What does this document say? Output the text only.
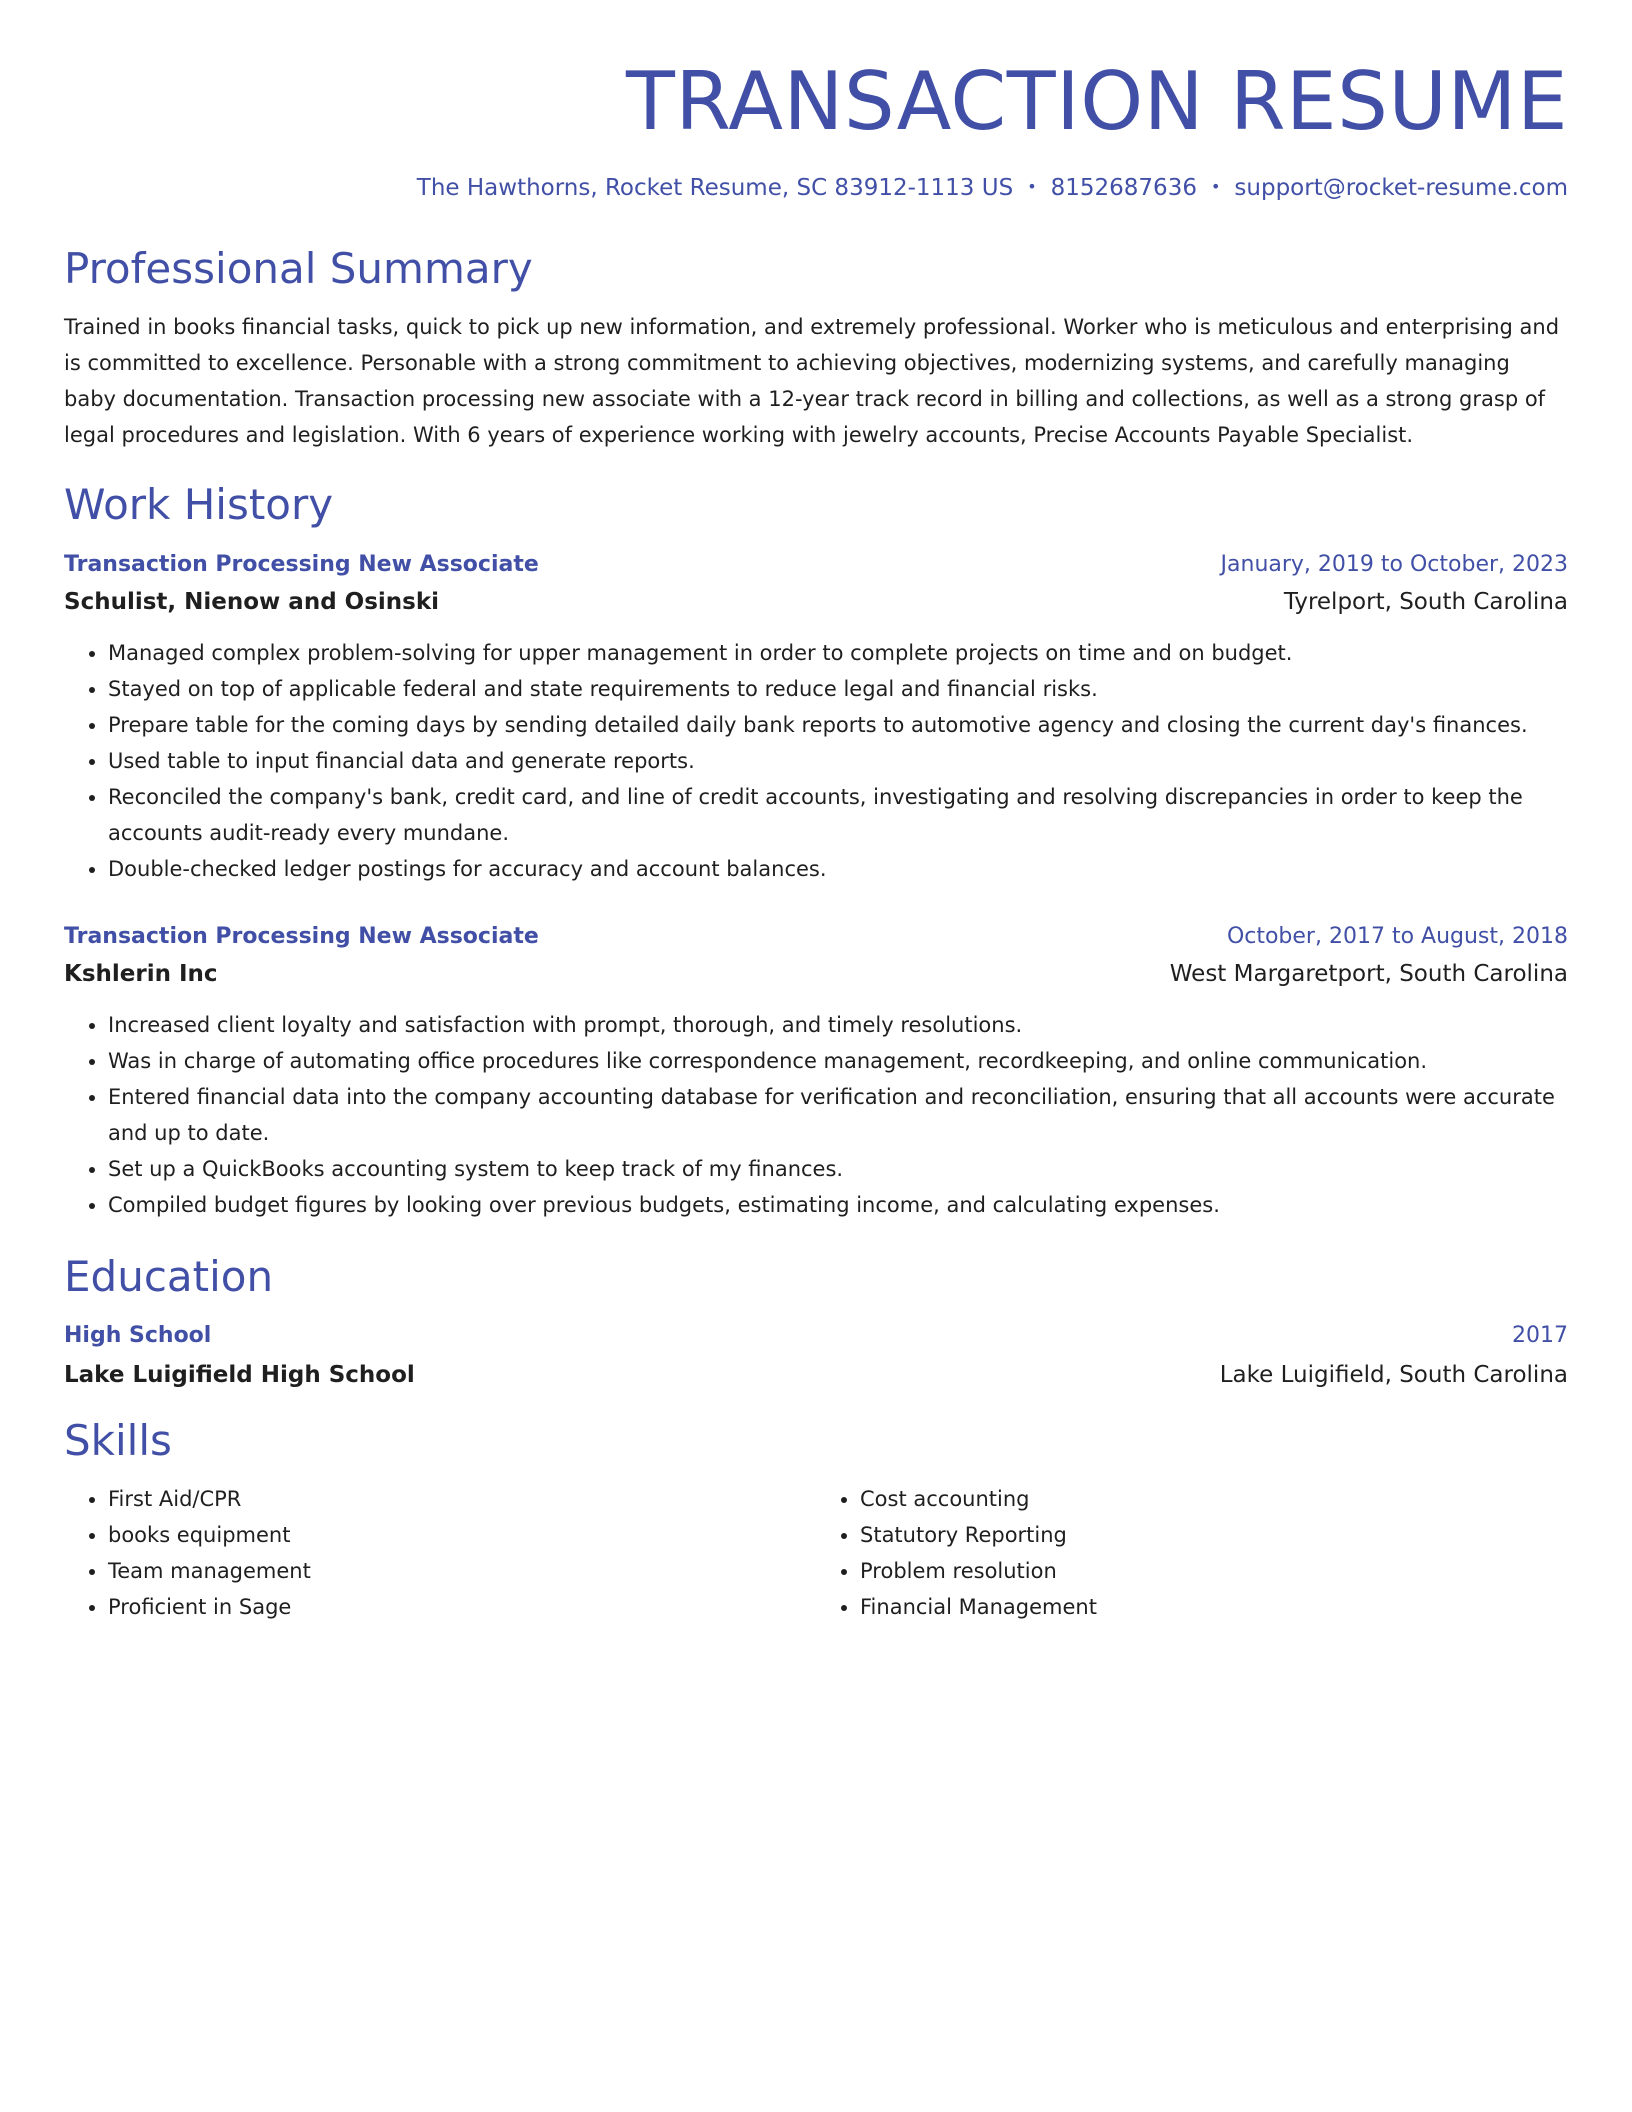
TRANSACTION RESUME
The Hawthorns, Rocket Resume, SC 83912-1113 US • 8152687636 • support@rocket-resume.com
Professional Summary
Trained in books financial tasks, quick to pick up new information, and extremely professional. Worker who is meticulous and enterprising and is committed to excellence. Personable with a strong commitment to achieving objectives, modernizing systems, and carefully managing baby documentation. Transaction processing new associate with a 12-year track record in billing and collections, as well as a strong grasp of legal procedures and legislation. With 6 years of experience working with jewelry accounts, Precise Accounts Payable Specialist.
Work History
Transaction Processing New Associate	January, 2019 to October, 2023
Schulist, Nienow and Osinski	Tyrelport, South Carolina
• Managed complex problem-solving for upper management in order to complete projects on time and on budget.
• Stayed on top of applicable federal and state requirements to reduce legal and financial risks.
• Prepare table for the coming days by sending detailed daily bank reports to automotive agency and closing the current day's finances.
• Used table to input financial data and generate reports.
• Reconciled the company's bank, credit card, and line of credit accounts, investigating and resolving discrepancies in order to keep the accounts audit-ready every mundane.
• Double-checked ledger postings for accuracy and account balances.
Transaction Processing New Associate	October, 2017 to August, 2018
Kshlerin Inc	West Margaretport, South Carolina
• Increased client loyalty and satisfaction with prompt, thorough, and timely resolutions.
• Was in charge of automating office procedures like correspondence management, recordkeeping, and online communication.
• Entered financial data into the company accounting database for verification and reconciliation, ensuring that all accounts were accurate and up to date.
• Set up a QuickBooks accounting system to keep track of my finances.
• Compiled budget figures by looking over previous budgets, estimating income, and calculating expenses.
Education
High School	2017
Lake Luigifield High School	Lake Luigifield, South Carolina
Skills
• First Aid/CPR
• books equipment
• Team management
• Proficient in Sage
• Cost accounting
• Statutory Reporting
• Problem resolution
• Financial Management
